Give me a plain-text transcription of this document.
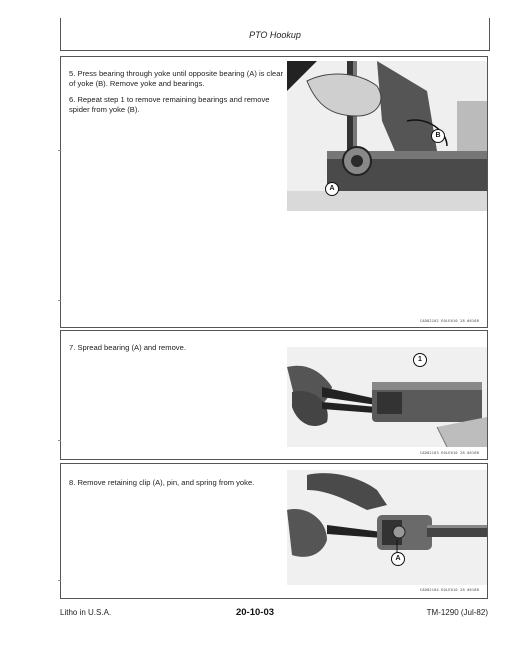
PTO Hookup

5. Press bearing through yoke until opposite bearing (A) is clear of yoke (B). Remove yoke and bearings.

6. Repeat step 1 to remove remaining bearings and remove spider from yoke (B).

B
A
CAD82102 E0LE010 28 0616B

7. Spread bearing (A) and remove.

1
CAD82103 E0LE010 28 0616B

8. Remove retaining clip (A), pin, and spring from yoke.

A
CAD82104 E0LE010 28 0616B
Litho in U.S.A.	20-10-03	TM-1290 (Jul-82)
